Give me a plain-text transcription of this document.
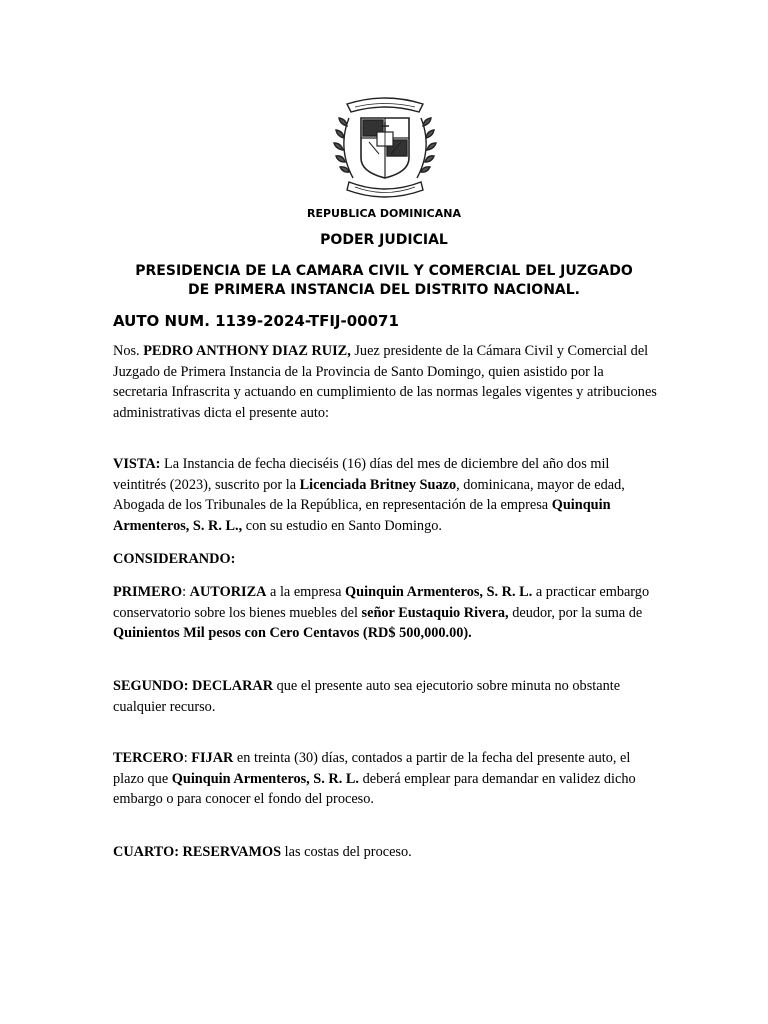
REPUBLICA DOMINICANA
PODER JUDICIAL
PRESIDENCIA DE LA CAMARA CIVIL Y COMERCIAL DEL JUZGADO
DE PRIMERA INSTANCIA DEL DISTRITO NACIONAL.
AUTO NUM. 1139-2024-TFIJ-00071
Nos. PEDRO ANTHONY DIAZ RUIZ, Juez presidente de la Cámara Civil y Comercial del Juzgado de Primera Instancia de la Provincia de Santo Domingo, quien asistido por la secretaria Infrascrita y actuando en cumplimiento de las normas legales vigentes y atribuciones administrativas dicta el presente auto:
VISTA: La Instancia de fecha dieciséis (16) días del mes de diciembre del año dos mil veintitrés (2023), suscrito por la Licenciada Britney Suazo, dominicana, mayor de edad, Abogada de los Tribunales de la República, en representación de la empresa Quinquin Armenteros, S. R. L., con su estudio en Santo Domingo.
CONSIDERANDO:
PRIMERO: AUTORIZA a la empresa Quinquin Armenteros, S. R. L. a practicar embargo conservatorio sobre los bienes muebles del señor Eustaquio Rivera, deudor, por la suma de Quinientos Mil pesos con Cero Centavos (RD$ 500,000.00).
SEGUNDO: DECLARAR que el presente auto sea ejecutorio sobre minuta no obstante cualquier recurso.
TERCERO: FIJAR en treinta (30) días, contados a partir de la fecha del presente auto, el plazo que Quinquin Armenteros, S. R. L. deberá emplear para demandar en validez dicho embargo o para conocer el fondo del proceso.
CUARTO: RESERVAMOS las costas del proceso.
